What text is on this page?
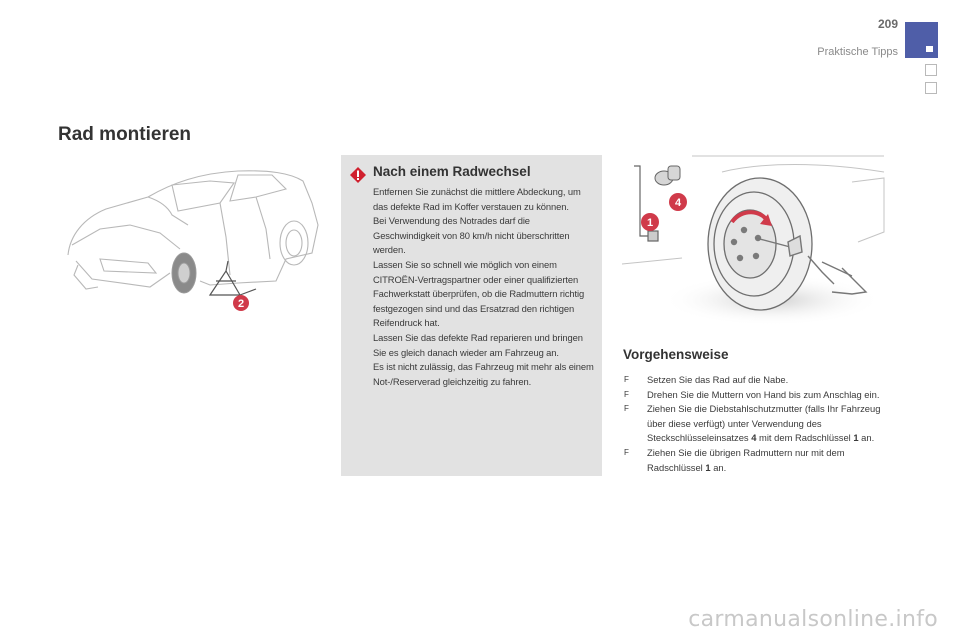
209
Praktische Tipps
Rad montieren
2
Nach einem Radwechsel

Entfernen Sie zunächst die mittlere Abdeckung, um das defekte Rad im Koffer verstauen zu können.

Bei Verwendung des Notrades darf die Geschwindigkeit von 80 km/h nicht überschritten werden.

Lassen Sie so schnell wie möglich von einem CITROËN-Vertragspartner oder einer qualifizierten Fachwerkstatt überprüfen, ob die Radmuttern richtig festgezogen sind und das Ersatzrad den richtigen Reifendruck hat.

Lassen Sie das defekte Rad reparieren und bringen Sie es gleich danach wieder am Fahrzeug an.

Es ist nicht zulässig, das Fahrzeug mit mehr als einem Not-/Reserverad gleichzeitig zu fahren.

1
4
Vorgehensweise
F Setzen Sie das Rad auf die Nabe.
F Drehen Sie die Muttern von Hand bis zum Anschlag ein.
F Ziehen Sie die Diebstahlschutzmutter (falls Ihr Fahrzeug über diese verfügt) unter Verwendung des Steckschlüsseleinsatzes 4 mit dem Radschlüssel 1 an.
F Ziehen Sie die übrigen Radmuttern nur mit dem Radschlüssel 1 an.
carmanualsonline.info
